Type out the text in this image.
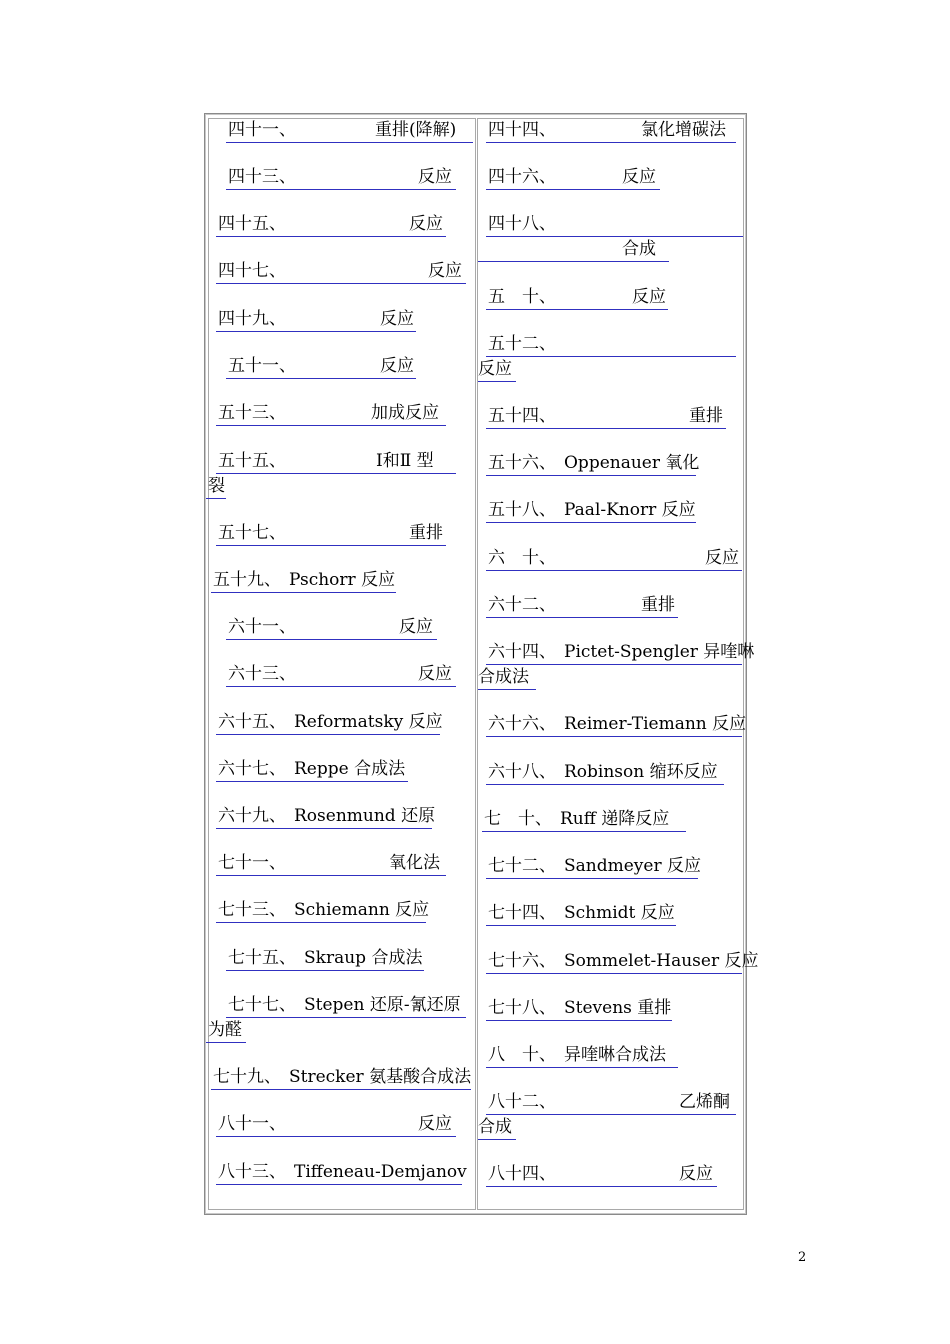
四十一、	重排(降解)
四十三、	反应
四十五、	反应
四十七、	反应
四十九、	反应
五十一、	反应
五十三、	加成反应
五十五、	Ⅰ和Ⅱ 型
裂
五十七、	重排
五十九、 Pschorr 反应
六十一、	反应
六十三、	反应
六十五、 Reformatsky 反应
六十七、 Reppe 合成法
六十九、 Rosenmund 还原
七十一、	氧化法
七十三、 Schiemann 反应
七十五、 Skraup 合成法
七十七、 Stepen 还原-氰还原
为醛
七十九、 Strecker 氨基酸合成法
八十一、	反应
八十三、 Tiffeneau-Demjanov
四十四、	氯化增碳法
四十六、	反应
四十八、
合成
五　十、	反应
五十二、
反应
五十四、	重排
五十六、 Oppenauer 氧化
五十八、 Paal-Knorr 反应
六　十、	反应
六十二、	重排
六十四、 Pictet-Spengler 异喹啉
合成法
六十六、 Reimer-Tiemann 反应
六十八、 Robinson 缩环反应
七　十、 Ruff 递降反应
七十二、 Sandmeyer 反应
七十四、 Schmidt 反应
七十六、 Sommelet-Hauser 反应
七十八、 Stevens 重排
八　十、 异喹啉合成法
八十二、	乙烯酮
合成
八十四、	反应
2
